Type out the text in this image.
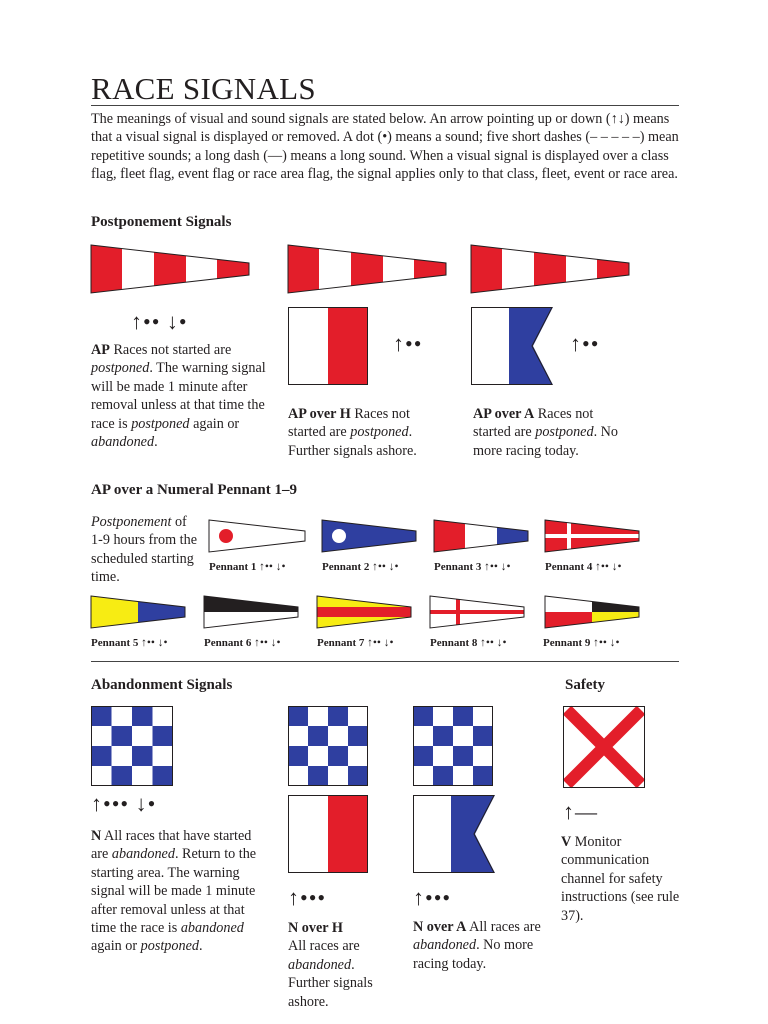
RACE SIGNALS
The meanings of visual and sound signals are stated below. An arrow pointing up or down (↑↓) means that a visual signal is displayed or removed. A dot (•) means a sound; five short dashes (– – – – –) mean repetitive sounds; a long dash (—) means a long sound. When a visual signal is displayed over a class flag, fleet flag, event flag or race area flag, the signal applies only to that class, fleet, event or race area.
Postponement Signals
↑•• ↓•
AP Races not started are postponed. The warning signal will be made 1 minute after removal unless at that time the race is postponed again or abandoned.
↑••
AP over H Races not started are postponed. Further signals ashore.
↑••
AP over A Races not started are postponed. No more racing today.
AP over a Numeral Pennant 1–9
Postponement of 1-9 hours from the scheduled starting time.
Pennant 1 ↑•• ↓•	Pennant 2 ↑•• ↓•	Pennant 3 ↑•• ↓•	Pennant 4 ↑•• ↓•
Pennant 5 ↑•• ↓•	Pennant 6 ↑•• ↓•	Pennant 7 ↑•• ↓•	Pennant 8 ↑•• ↓•	Pennant 9 ↑•• ↓•
Abandonment Signals	Safety
↑••• ↓•
N All races that have started are abandoned. Return to the starting area. The warning signal will be made 1 minute after removal unless at that time the race is abandoned again or postponed.
↑•••
N over H
All races are abandoned. Further signals ashore.
↑•••
N over A All races are abandoned. No more racing today.
↑—
V Monitor communication channel for safety instructions (see rule 37).
